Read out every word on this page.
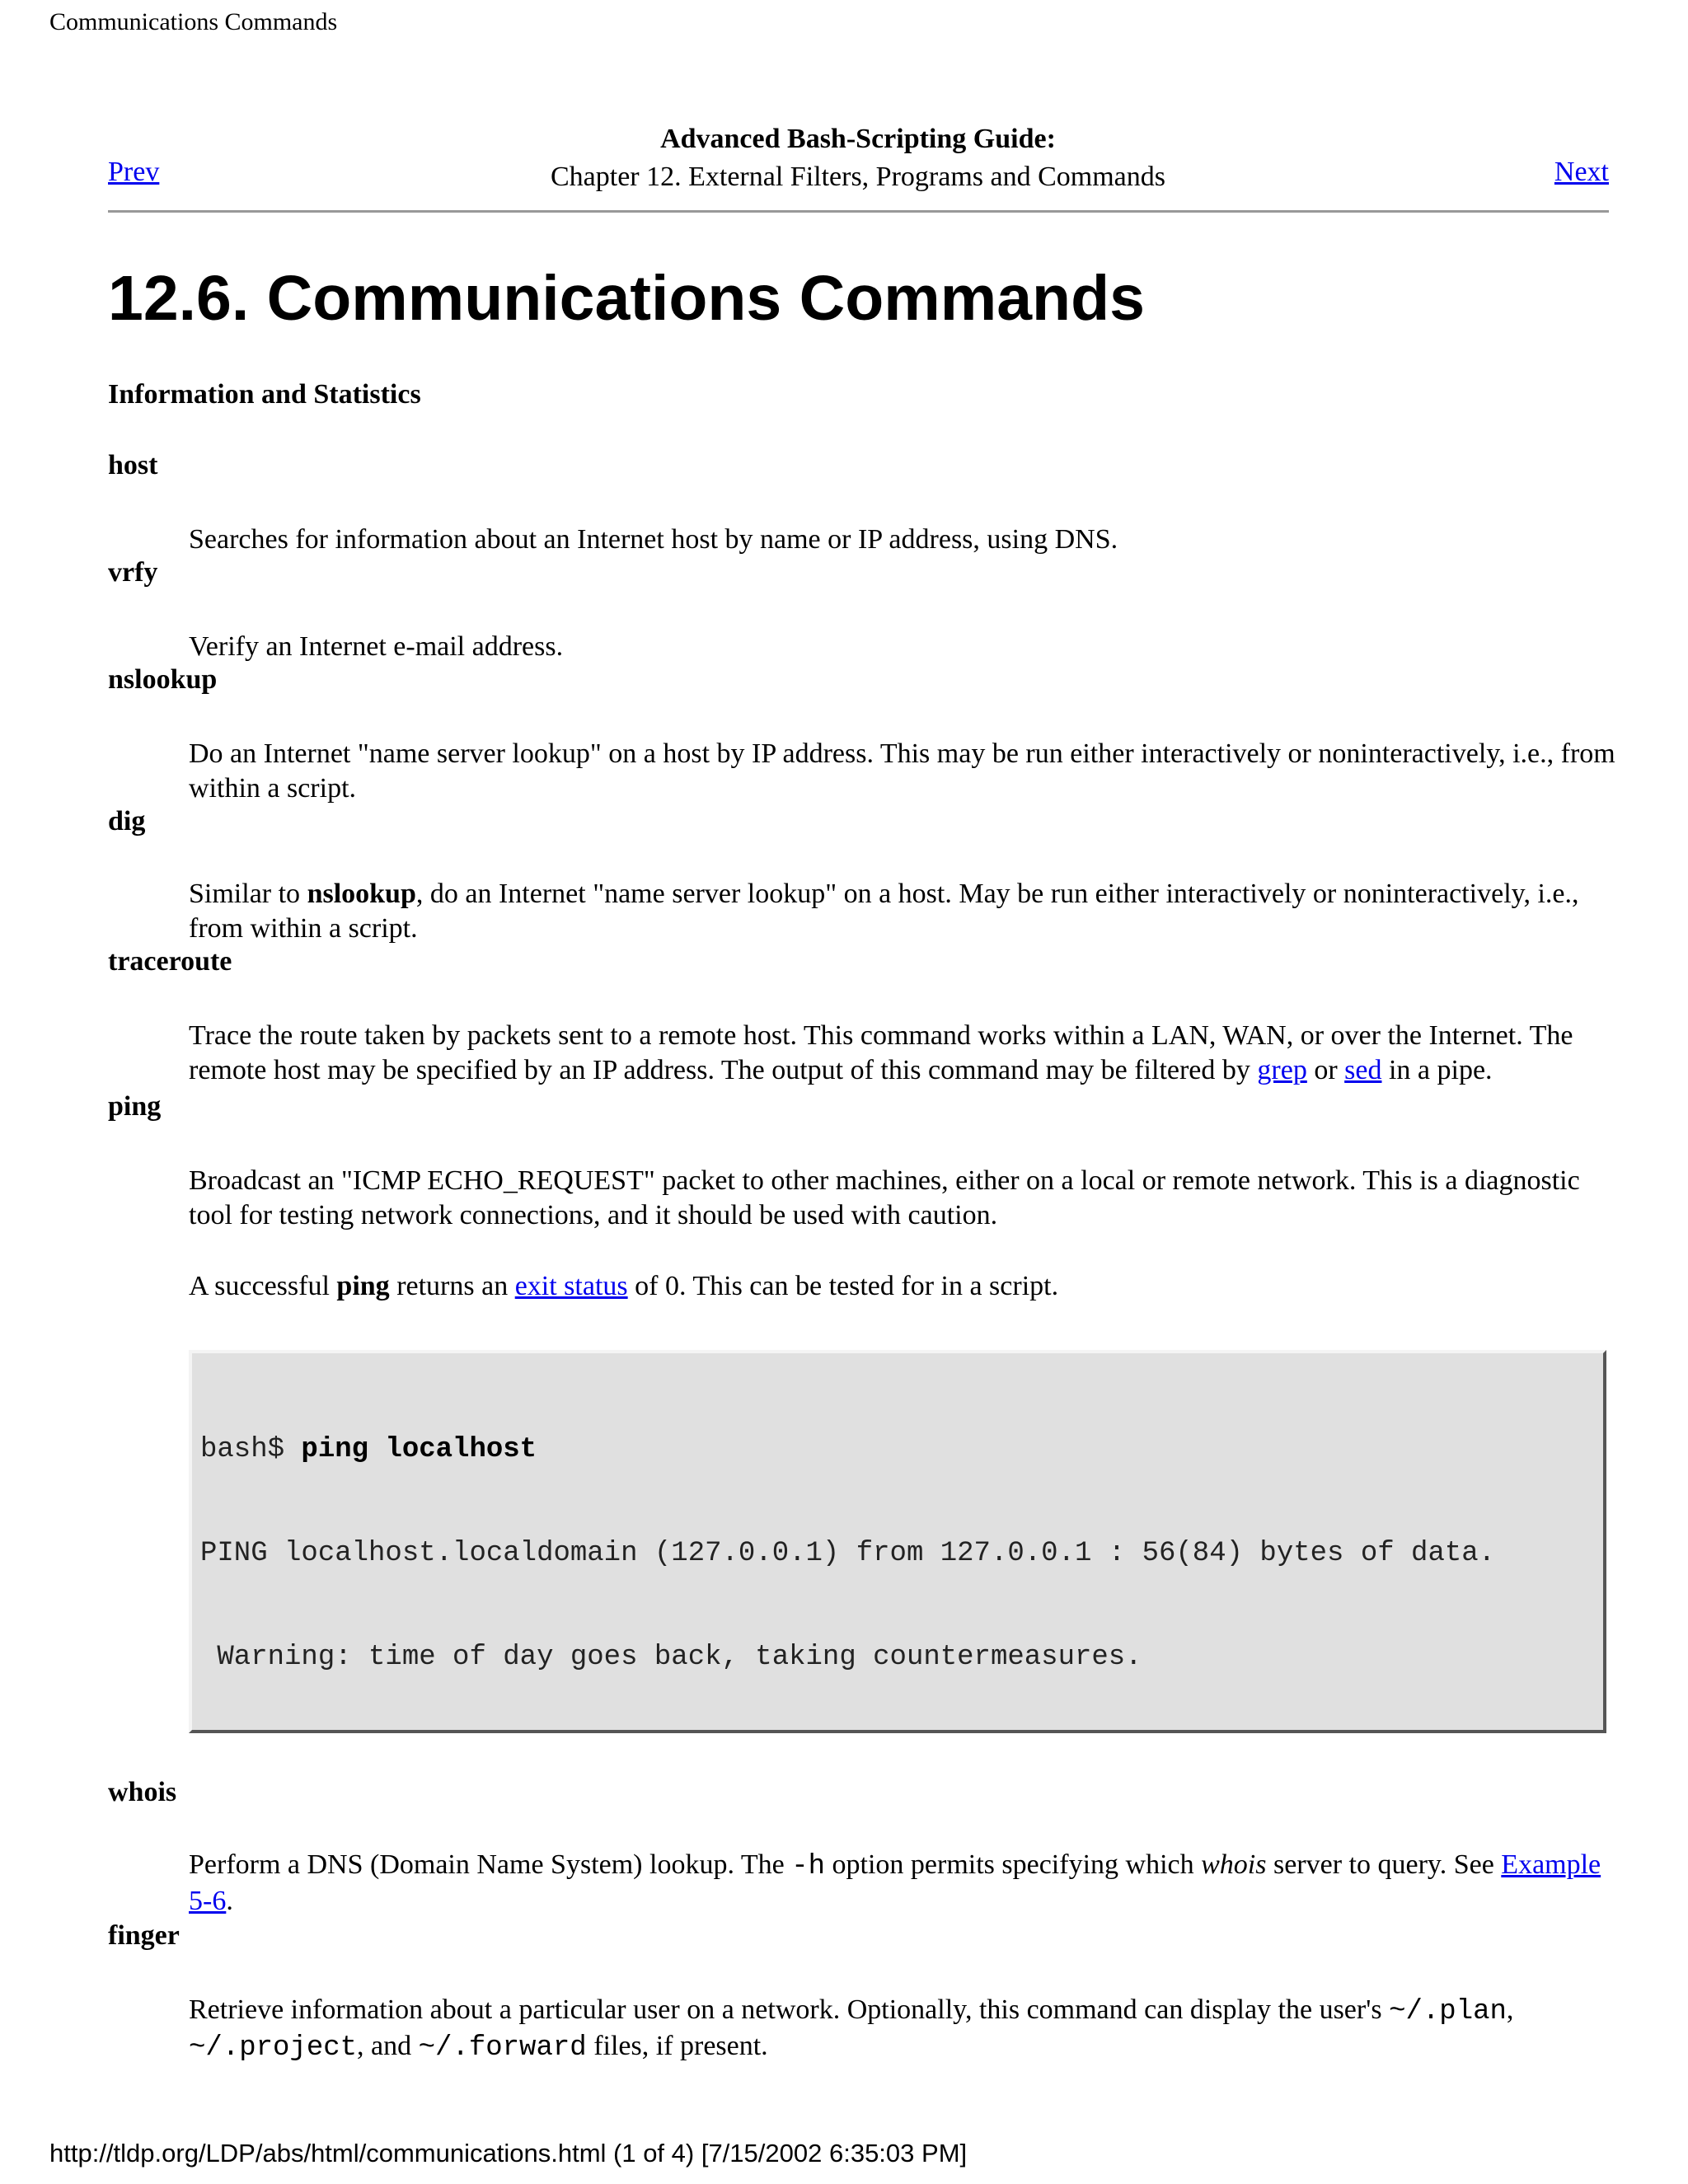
Communications Commands
Advanced Bash-Scripting Guide:
Chapter 12. External Filters, Programs and Commands
Prev	Next
12.6. Communications Commands
Information and Statistics
host
Searches for information about an Internet host by name or IP address, using DNS.
vrfy
Verify an Internet e-mail address.
nslookup
Do an Internet "name server lookup" on a host by IP address. This may be run either interactively or noninteractively, i.e., from within a script.
dig
Similar to nslookup, do an Internet "name server lookup" on a host. May be run either interactively or noninteractively, i.e., from within a script.
traceroute
Trace the route taken by packets sent to a remote host. This command works within a LAN, WAN, or over the Internet. The remote host may be specified by an IP address. The output of this command may be filtered by grep or sed in a pipe.
ping
Broadcast an "ICMP ECHO_REQUEST" packet to other machines, either on a local or remote network. This is a diagnostic tool for testing network connections, and it should be used with caution.
A successful ping returns an exit status of 0. This can be tested for in a script.

bash$ ping localhost

PING localhost.localdomain (127.0.0.1) from 127.0.0.1 : 56(84) bytes of data.

Warning: time of day goes back, taking countermeasures.

whois
Perform a DNS (Domain Name System) lookup. The -h option permits specifying which whois server to query. See Example 5-6.
finger
Retrieve information about a particular user on a network. Optionally, this command can display the user's ~/.plan, ~/.project, and ~/.forward files, if present.
http://tldp.org/LDP/abs/html/communications.html (1 of 4) [7/15/2002 6:35:03 PM]
